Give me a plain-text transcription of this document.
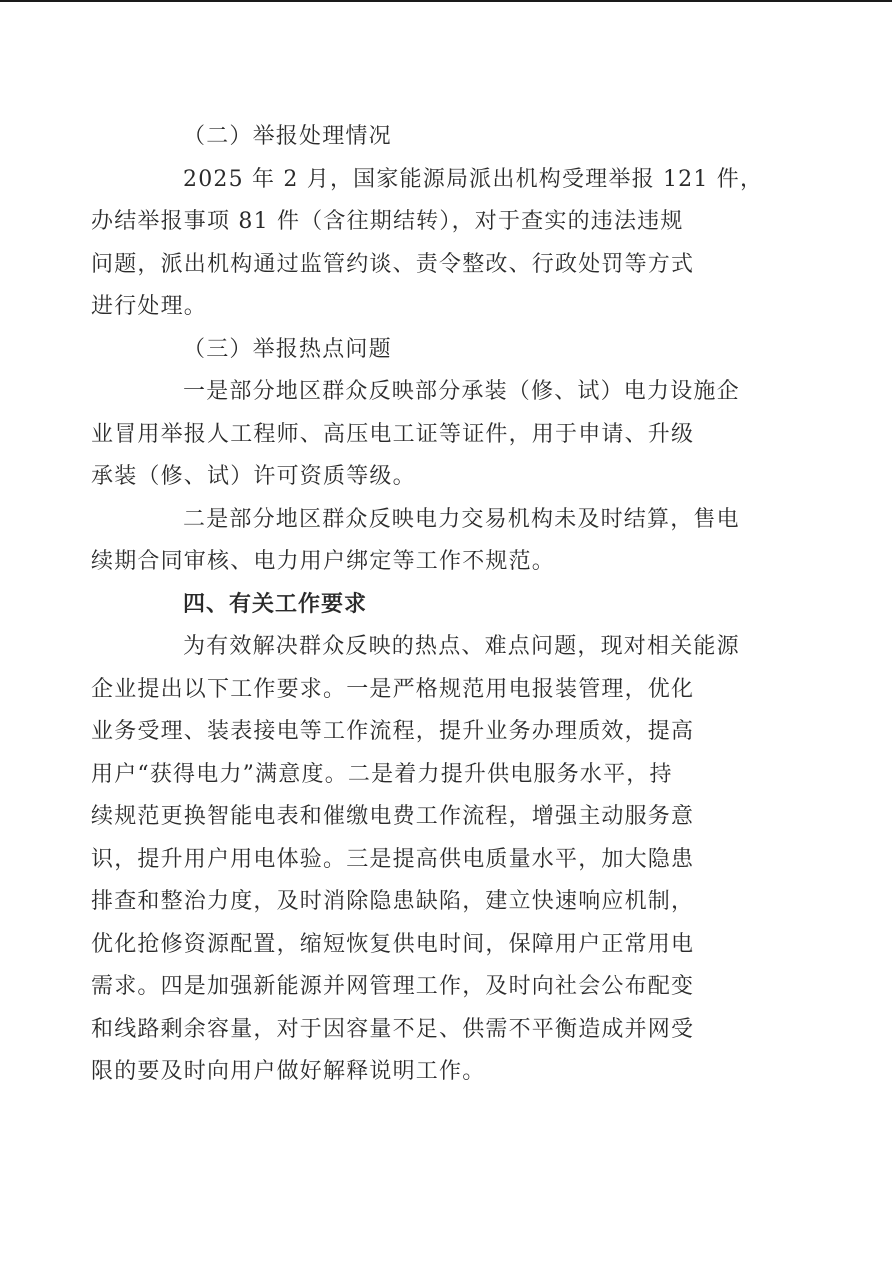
（二）举报处理情况

2025 年 2 月，国家能源局派出机构受理举报 121 件，
办结举报事项 81 件（含往期结转），对于查实的违法违规
问题，派出机构通过监管约谈、责令整改、行政处罚等方式
进行处理。

（三）举报热点问题

一是部分地区群众反映部分承装（修、试）电力设施企
业冒用举报人工程师、高压电工证等证件，用于申请、升级
承装（修、试）许可资质等级。

二是部分地区群众反映电力交易机构未及时结算，售电
续期合同审核、电力用户绑定等工作不规范。

四、有关工作要求

为有效解决群众反映的热点、难点问题，现对相关能源
企业提出以下工作要求。一是严格规范用电报装管理，优化
业务受理、装表接电等工作流程，提升业务办理质效，提高
用户“获得电力”满意度。二是着力提升供电服务水平，持
续规范更换智能电表和催缴电费工作流程，增强主动服务意
识，提升用户用电体验。三是提高供电质量水平，加大隐患
排查和整治力度，及时消除隐患缺陷，建立快速响应机制，
优化抢修资源配置，缩短恢复供电时间，保障用户正常用电
需求。四是加强新能源并网管理工作，及时向社会公布配变
和线路剩余容量，对于因容量不足、供需不平衡造成并网受
限的要及时向用户做好解释说明工作。
